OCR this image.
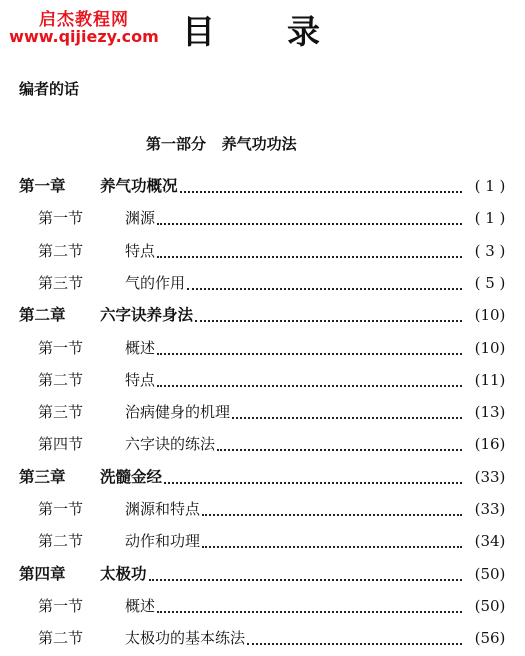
启杰教程网
www.qijiezy.com 目 录
编者的话
第一部分   养气功功法
第一章 养气功概况	( 1 )
第一节	渊源	( 1 )
第二节	特点	( 3 )
第三节	气的作用	( 5 )
第二章 六字诀养身法	(10)
第一节	概述	(10)
第二节	特点	(11)
第三节	治病健身的机理	(13)
第四节	六字诀的练法	(16)
第三章 洗髓金经	(33)
第一节	渊源和特点	(33)
第二节	动作和功理	(34)
第四章 太极功	(50)
第一节	概述	(50)
第二节	太极功的基本练法	(56)
